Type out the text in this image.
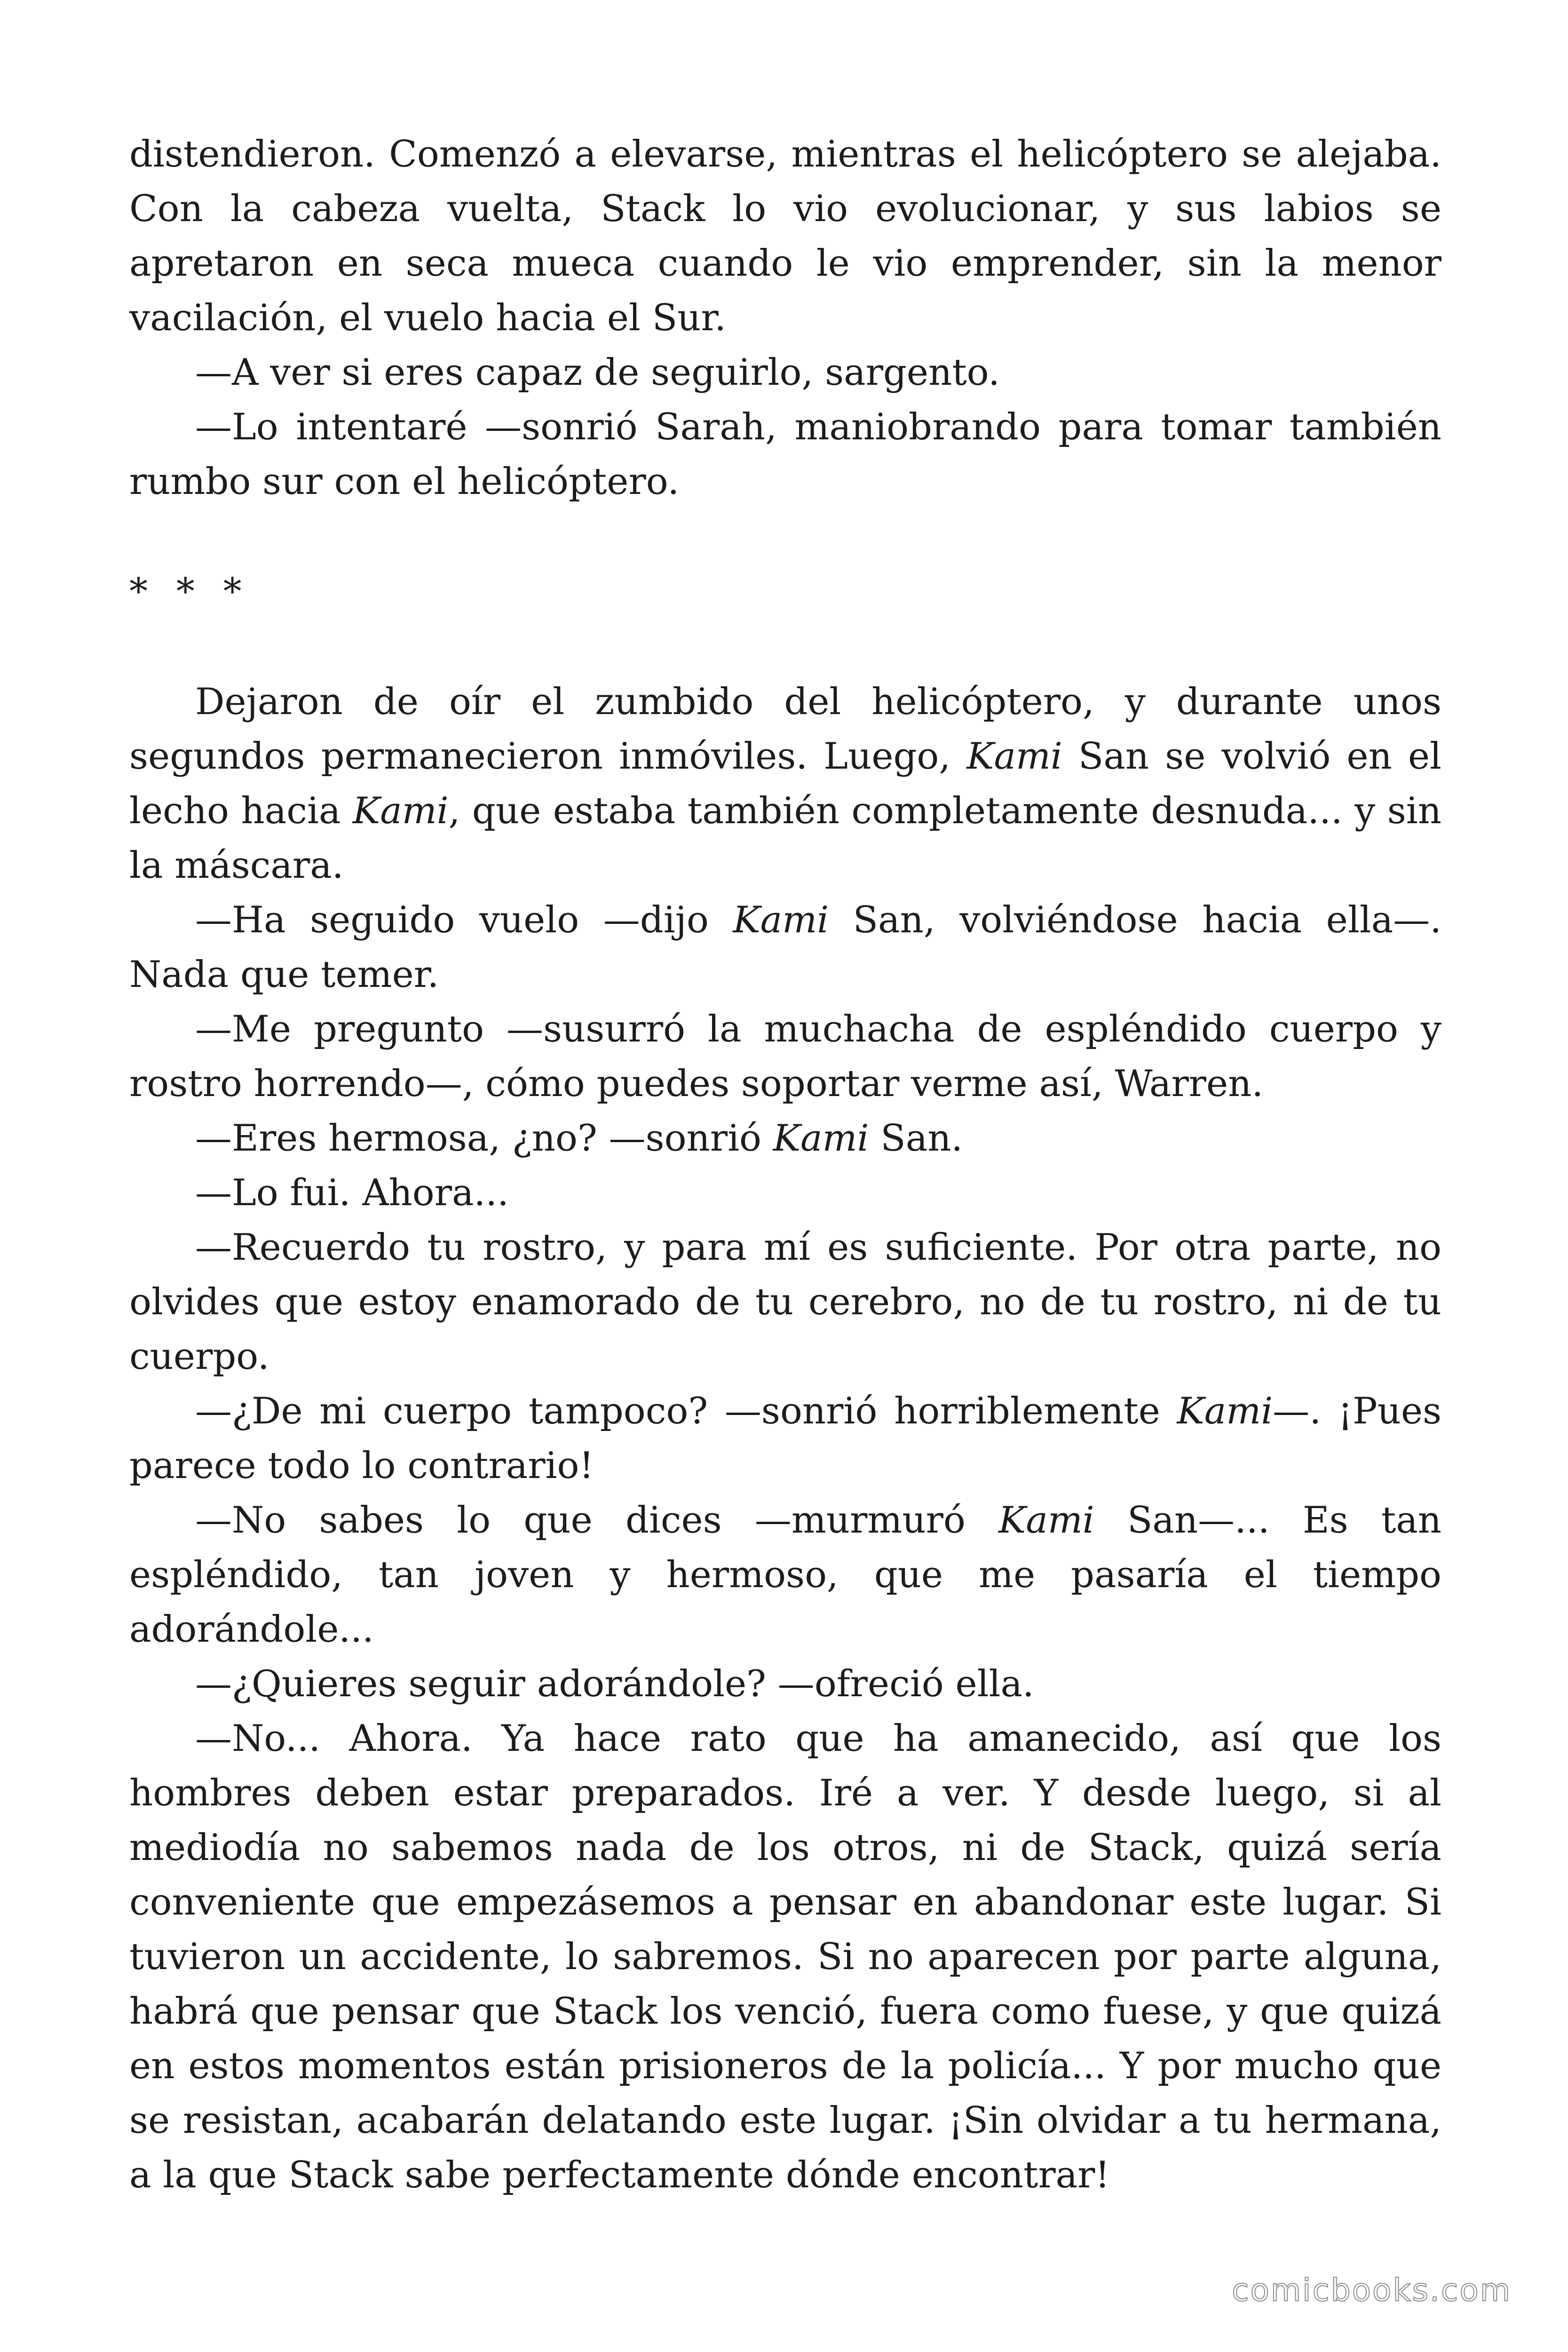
distendieron. Comenzó a elevarse, mientras el helicóptero se alejaba. Con la cabeza vuelta, Stack lo vio evolucionar, y sus labios se apretaron en seca mueca cuando le vio emprender, sin la menor vacilación, el vuelo hacia el Sur.

—A ver si eres capaz de seguirlo, sargento.

—Lo intentaré —sonrió Sarah, maniobrando para tomar también rumbo sur con el helicóptero.

* * *

Dejaron de oír el zumbido del helicóptero, y durante unos segundos permanecieron inmóviles. Luego, Kami San se volvió en el lecho hacia Kami, que estaba también completamente desnuda... y sin la máscara.

—Ha seguido vuelo —dijo Kami San, volviéndose hacia ella—. Nada que temer.

—Me pregunto —susurró la muchacha de espléndido cuerpo y rostro horrendo—, cómo puedes soportar verme así, Warren.

—Eres hermosa, ¿no? —sonrió Kami San.

—Lo fui. Ahora...

—Recuerdo tu rostro, y para mí es suficiente. Por otra parte, no olvides que estoy enamorado de tu cerebro, no de tu rostro, ni de tu cuerpo.

—¿De mi cuerpo tampoco? —sonrió horriblemente Kami—. ¡Pues parece todo lo contrario!

—No sabes lo que dices —murmuró Kami San—... Es tan espléndido, tan joven y hermoso, que me pasaría el tiempo adorándole...

—¿Quieres seguir adorándole? —ofreció ella.

—No... Ahora. Ya hace rato que ha amanecido, así que los hombres deben estar preparados. Iré a ver. Y desde luego, si al mediodía no sabemos nada de los otros, ni de Stack, quizá sería conveniente que empezásemos a pensar en abandonar este lugar. Si tuvieron un accidente, lo sabremos. Si no aparecen por parte alguna, habrá que pensar que Stack los venció, fuera como fuese, y que quizá en estos momentos están prisioneros de la policía... Y por mucho que se resistan, acabarán delatando este lugar. ¡Sin olvidar a tu hermana, a la que Stack sabe perfectamente dónde encontrar!

comicbooks.com
